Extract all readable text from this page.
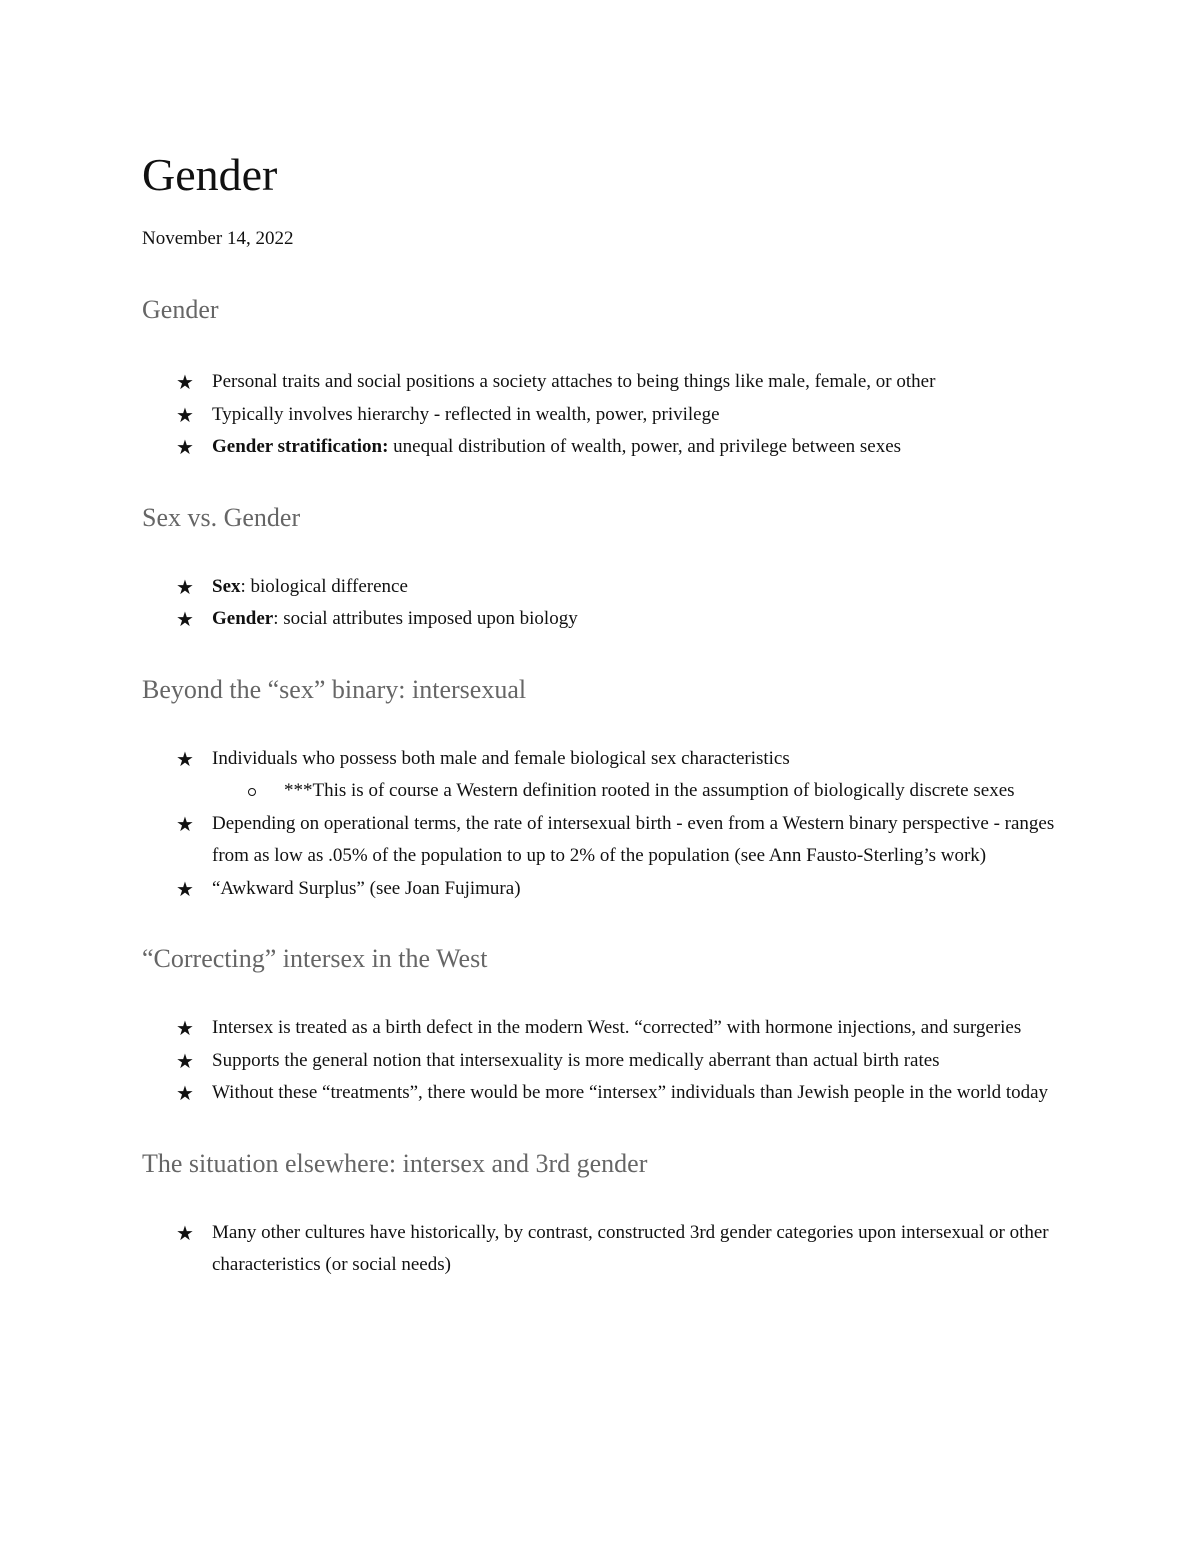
Gender
November 14, 2022
Gender
★ Personal traits and social positions a society attaches to being things like male, female, or other
★ Typically involves hierarchy - reflected in wealth, power, privilege
★ Gender stratification: unequal distribution of wealth, power, and privilege between sexes
Sex vs. Gender
★ Sex: biological difference
★ Gender: social attributes imposed upon biology
Beyond the “sex” binary: intersexual
★ Individuals who possess both male and female biological sex characteristics
***This is of course a Western definition rooted in the assumption of biologically discrete sexes
★ Depending on operational terms, the rate of intersexual birth - even from a Western binary perspective - ranges from as low as .05% of the population to up to 2% of the population (see Ann Fausto-Sterling’s work)
★ “Awkward Surplus” (see Joan Fujimura)
“Correcting” intersex in the West
★ Intersex is treated as a birth defect in the modern West. “corrected” with hormone injections, and surgeries
★ Supports the general notion that intersexuality is more medically aberrant than actual birth rates
★ Without these “treatments”, there would be more “intersex” individuals than Jewish people in the world today
The situation elsewhere: intersex and 3rd gender
★ Many other cultures have historically, by contrast, constructed 3rd gender categories upon intersexual or other characteristics (or social needs)
